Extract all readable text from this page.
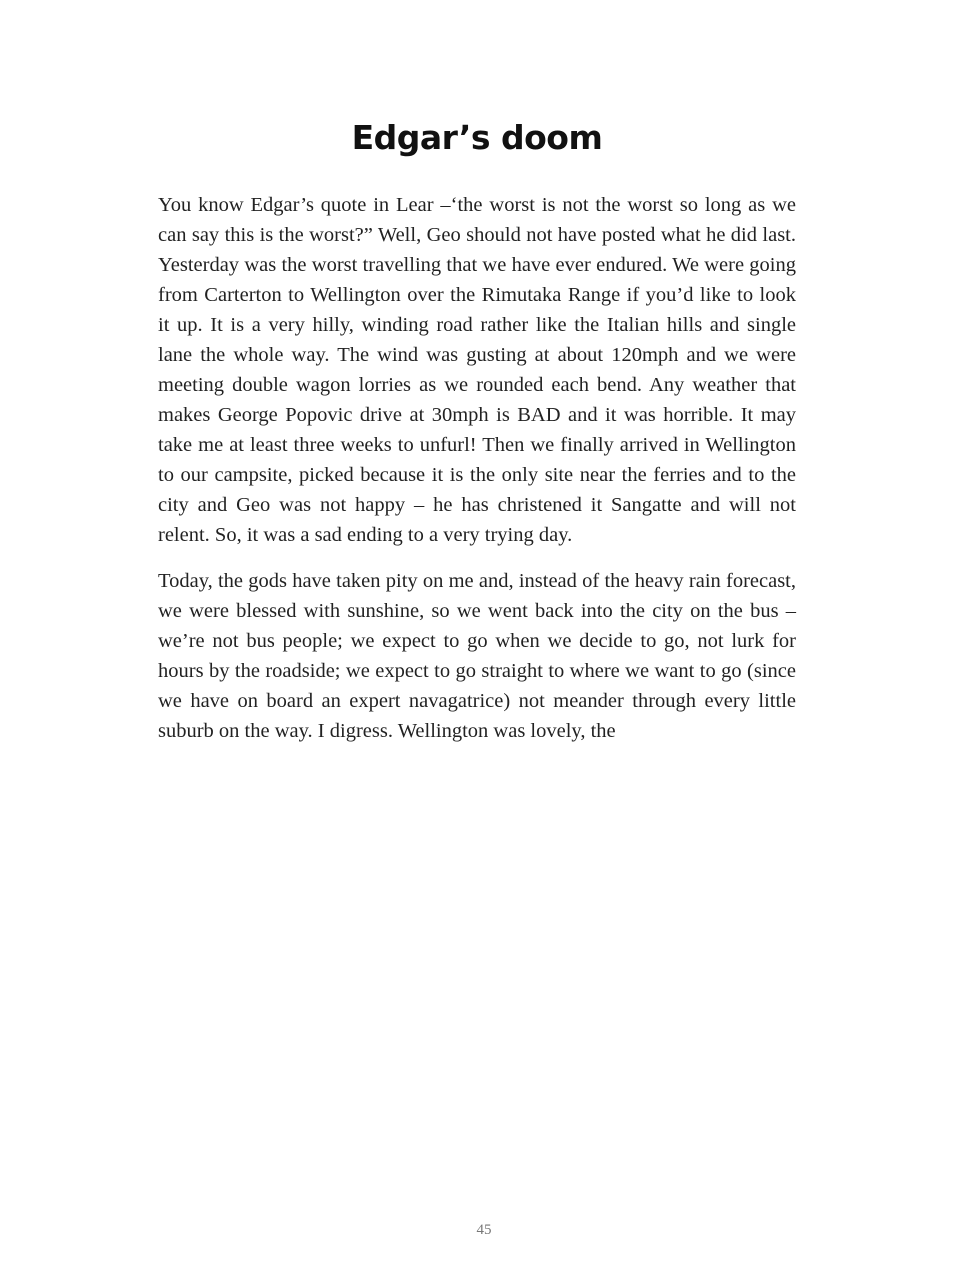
Edgar’s doom

You know Edgar’s quote in Lear –‘the worst is not the worst so long as we can say this is the worst?” Well, Geo should not have posted what he did last. Yesterday was the worst travelling that we have ever endured. We were going from Carterton to Wellington over the Rimutaka Range if you’d like to look it up. It is a very hilly, winding road rather like the Italian hills and single lane the whole way. The wind was gusting at about 120mph and we were meeting double wagon lorries as we rounded each bend. Any weather that makes George Popovic drive at 30mph is BAD and it was horrible. It may take me at least three weeks to unfurl! Then we finally arrived in Wellington to our campsite, picked because it is the only site near the ferries and to the city and Geo was not happy – he has christened it Sangatte and will not relent. So, it was a sad ending to a very trying day.

Today, the gods have taken pity on me and, instead of the heavy rain forecast, we were blessed with sunshine, so we went back into the city on the bus – we’re not bus people; we expect to go when we decide to go, not lurk for hours by the roadside; we expect to go straight to where we want to go (since we have on board an expert navagatrice) not meander through every little suburb on the way. I digress. Wellington was lovely, the

45
